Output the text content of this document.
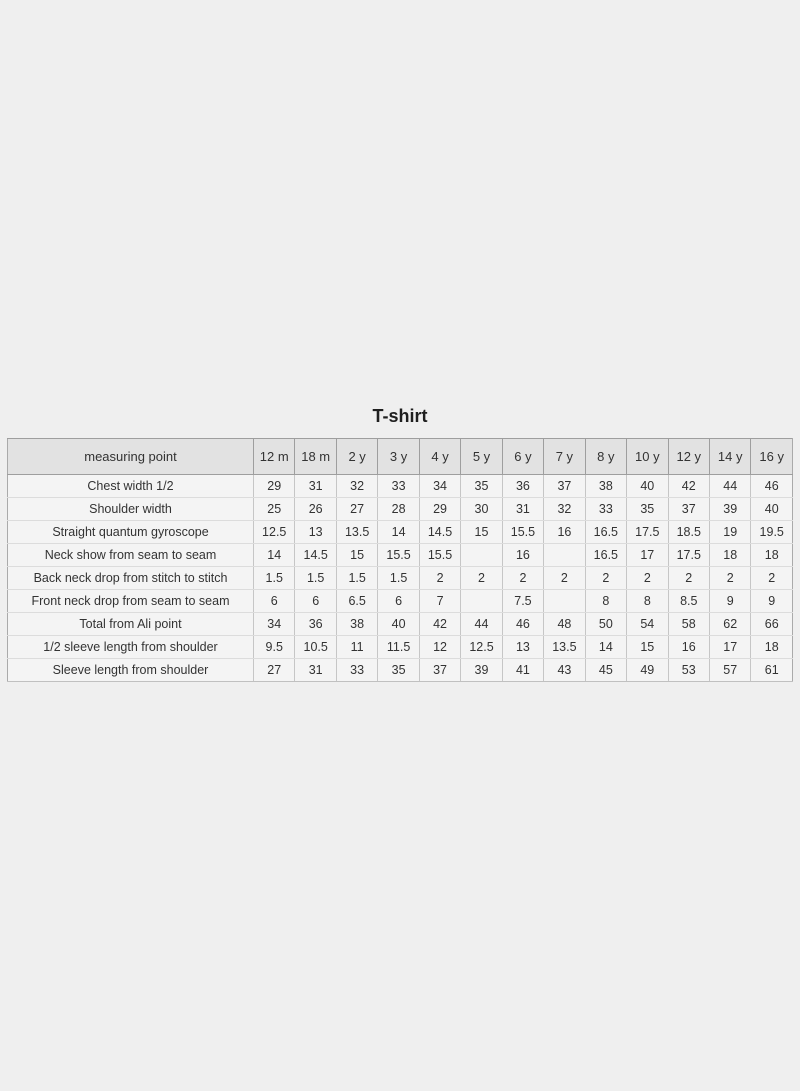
T-shirt
measuring point	12 m	18 m	2 y	3 y	4 y	5 y	6 y	7 y	8 y	10 y	12 y	14 y	16 y
Chest width 1/2	29	31	32	33	34	35	36	37	38	40	42	44	46
Shoulder width	25	26	27	28	29	30	31	32	33	35	37	39	40
Straight quantum gyroscope	12.5	13	13.5	14	14.5	15	15.5	16	16.5	17.5	18.5	19	19.5
Neck show from seam to seam	14	14.5	15	15.5	15.5		16		16.5	17	17.5	18	18
Back neck drop from stitch to stitch	1.5	1.5	1.5	1.5	2	2	2	2	2	2	2	2	2
Front neck drop from seam to seam	6	6	6.5	6	7		7.5		8	8	8.5	9	9
Total from Ali point	34	36	38	40	42	44	46	48	50	54	58	62	66
1/2 sleeve length from shoulder	9.5	10.5	11	11.5	12	12.5	13	13.5	14	15	16	17	18
Sleeve length from shoulder	27	31	33	35	37	39	41	43	45	49	53	57	61
